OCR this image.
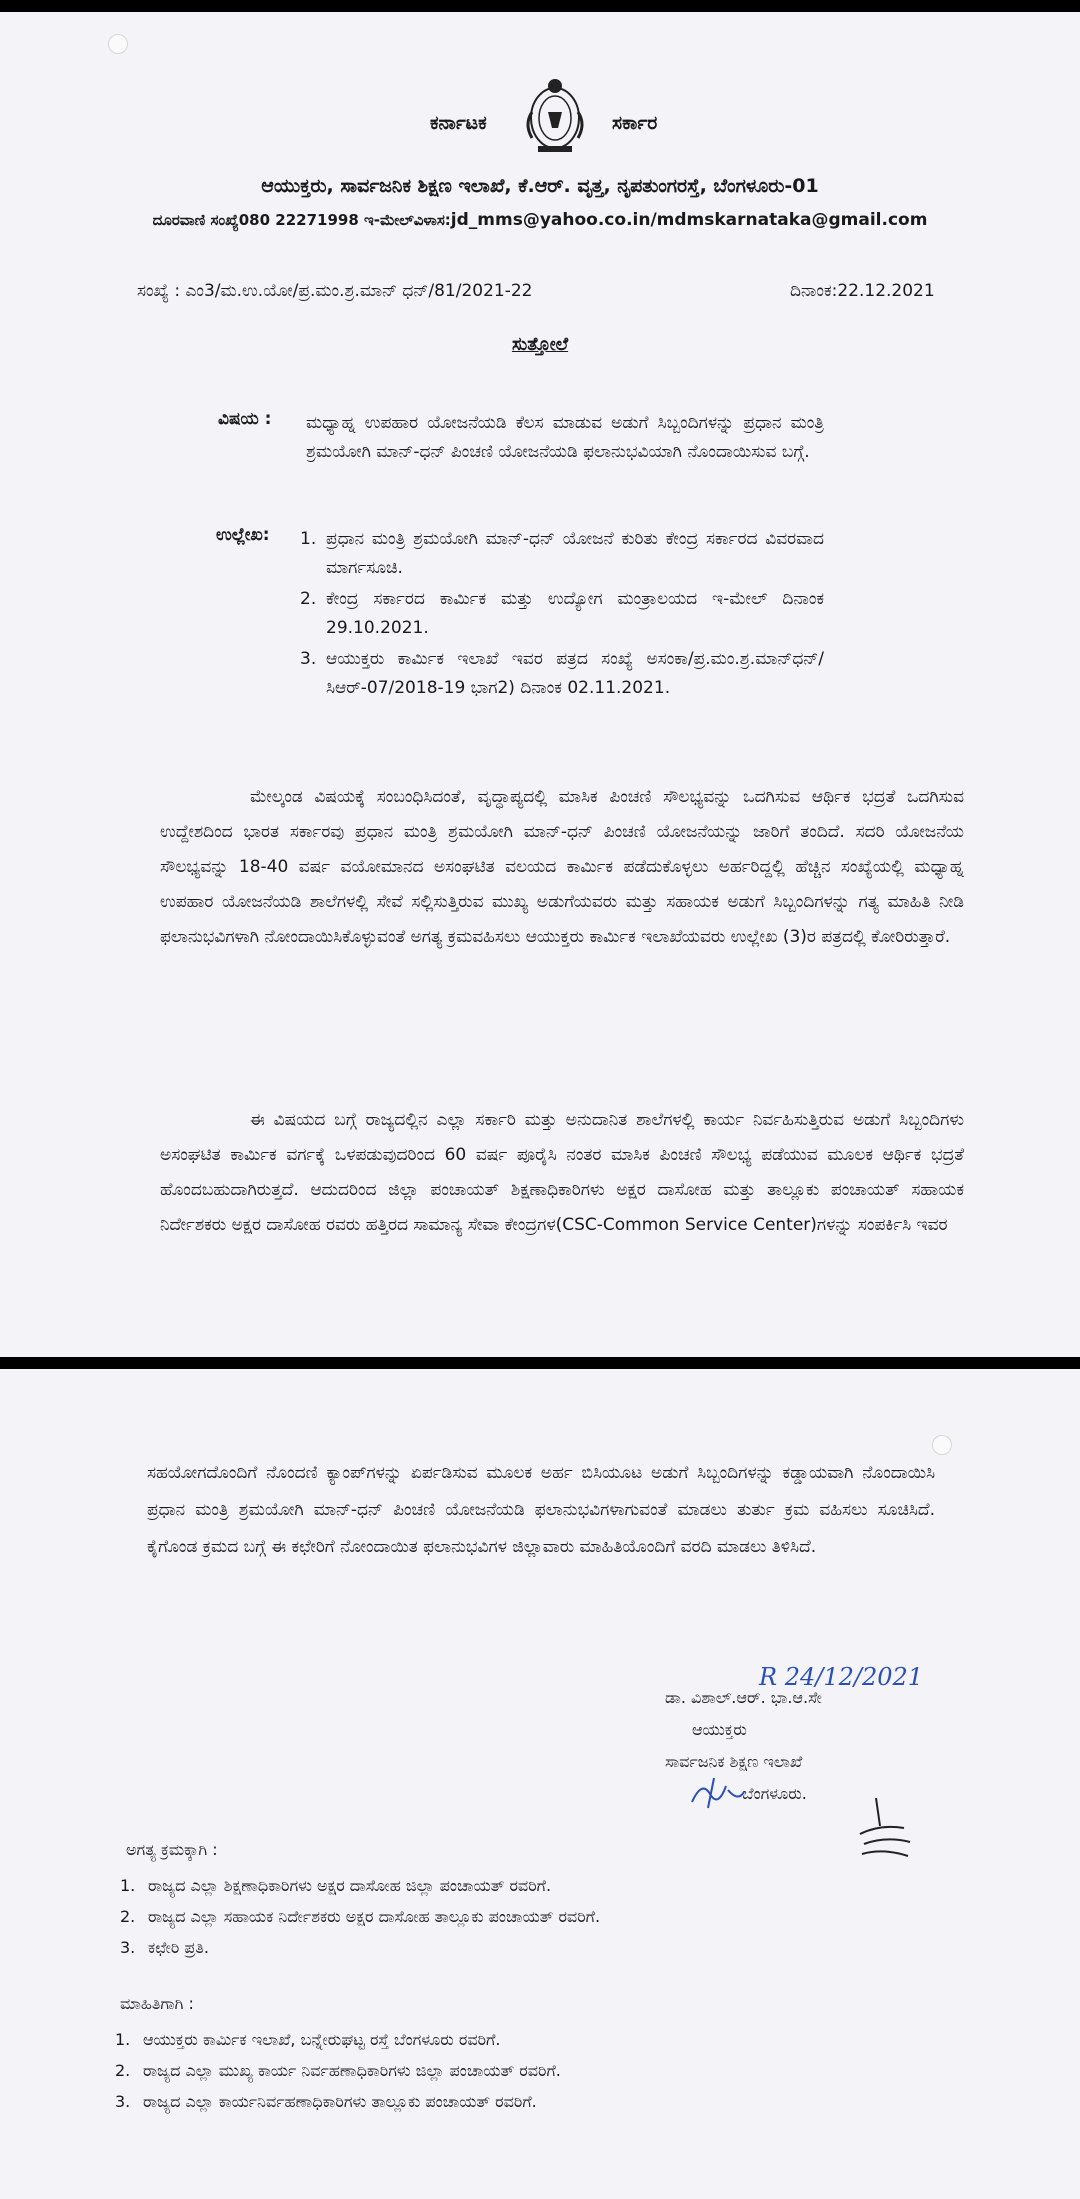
ಕರ್ನಾಟಕ	ಸರ್ಕಾರ
ಆಯುಕ್ತರು, ಸಾರ್ವಜನಿಕ ಶಿಕ್ಷಣ ಇಲಾಖೆ, ಕೆ.ಆರ್. ವೃತ್ತ, ನೃಪತುಂಗರಸ್ತೆ, ಬೆಂಗಳೂರು-01
ದೂರವಾಣಿ ಸಂಖ್ಯೆ080 22271998 ಇ-ಮೇಲ್‌ವಿಳಾಸ:jd_mms@yahoo.co.in/mdmskarnataka@gmail.com
ಸಂಖ್ಯೆ : ಎಂ3/ಮ.ಉ.ಯೋ/ಪ್ರ.ಮಂ.ಶ್ರ.ಮಾನ್ ಧನ್/81/2021-22	ದಿನಾಂಕ:22.12.2021
ಸುತ್ತೋಲೆ
ವಿಷಯ : ಮಧ್ಯಾಹ್ನ ಉಪಹಾರ ಯೋಜನೆಯಡಿ ಕೆಲಸ ಮಾಡುವ ಅಡುಗೆ ಸಿಬ್ಬಂದಿಗಳನ್ನು ಪ್ರಧಾನ ಮಂತ್ರಿ ಶ್ರಮಯೋಗಿ ಮಾನ್-ಧನ್ ಪಿಂಚಣಿ ಯೋಜನೆಯಡಿ ಫಲಾನುಭವಿಯಾಗಿ ನೊಂದಾಯಿಸುವ ಬಗ್ಗೆ.
ಉಲ್ಲೇಖ: 1. ಪ್ರಧಾನ ಮಂತ್ರಿ ಶ್ರಮಯೋಗಿ ಮಾನ್-ಧನ್ ಯೋಜನೆ ಕುರಿತು ಕೇಂದ್ರ ಸರ್ಕಾರದ ವಿವರವಾದ ಮಾರ್ಗಸೂಚಿ.
2. ಕೇಂದ್ರ ಸರ್ಕಾರದ ಕಾರ್ಮಿಕ ಮತ್ತು ಉದ್ಯೋಗ ಮಂತ್ರಾಲಯದ ಇ-ಮೇಲ್ ದಿನಾಂಕ 29.10.2021.
3. ಆಯುಕ್ತರು ಕಾರ್ಮಿಕ ಇಲಾಖೆ ಇವರ ಪತ್ರದ ಸಂಖ್ಯೆ ಅಸಂಕಾ/ಪ್ರ.ಮಂ.ಶ್ರ.ಮಾನ್‌ಧನ್/ಸಿಆರ್-07/2018-19 ಭಾಗ2) ದಿನಾಂಕ 02.11.2021.
ಮೇಲ್ಕಂಡ ವಿಷಯಕ್ಕೆ ಸಂಬಂಧಿಸಿದಂತೆ, ವೃದ್ಧಾಪ್ಯದಲ್ಲಿ ಮಾಸಿಕ ಪಿಂಚಣಿ ಸೌಲಭ್ಯವನ್ನು ಒದಗಿಸುವ ಆರ್ಥಿಕ ಭದ್ರತೆ ಒದಗಿಸುವ ಉದ್ದೇಶದಿಂದ ಭಾರತ ಸರ್ಕಾರವು ಪ್ರಧಾನ ಮಂತ್ರಿ ಶ್ರಮಯೋಗಿ ಮಾನ್-ಧನ್ ಪಿಂಚಣಿ ಯೋಜನೆಯನ್ನು ಜಾರಿಗೆ ತಂದಿದೆ. ಸದರಿ ಯೋಜನೆಯ ಸೌಲಭ್ಯವನ್ನು 18-40 ವರ್ಷ ವಯೋಮಾನದ ಅಸಂಘಟಿತ ವಲಯದ ಕಾರ್ಮಿಕ ಪಡೆದುಕೊಳ್ಳಲು ಅರ್ಹರಿದ್ದಲ್ಲಿ ಹೆಚ್ಚಿನ ಸಂಖ್ಯೆಯಲ್ಲಿ ಮಧ್ಯಾಹ್ನ ಉಪಹಾರ ಯೋಜನೆಯಡಿ ಶಾಲೆಗಳಲ್ಲಿ ಸೇವೆ ಸಲ್ಲಿಸುತ್ತಿರುವ ಮುಖ್ಯ ಅಡುಗೆಯವರು ಮತ್ತು ಸಹಾಯಕ ಅಡುಗೆ ಸಿಬ್ಬಂದಿಗಳನ್ನು ಗತ್ಯ ಮಾಹಿತಿ ನೀಡಿ ಫಲಾನುಭವಿಗಳಾಗಿ ನೋಂದಾಯಿಸಿಕೊಳ್ಳುವಂತೆ ಅಗತ್ಯ ಕ್ರಮವಹಿಸಲು ಆಯುಕ್ತರು ಕಾರ್ಮಿಕ ಇಲಾಖೆಯವರು ಉಲ್ಲೇಖ (3)ರ ಪತ್ರದಲ್ಲಿ ಕೋರಿರುತ್ತಾರೆ.
ಈ ವಿಷಯದ ಬಗ್ಗೆ ರಾಜ್ಯದಲ್ಲಿನ ಎಲ್ಲಾ ಸರ್ಕಾರಿ ಮತ್ತು ಅನುದಾನಿತ ಶಾಲೆಗಳಲ್ಲಿ ಕಾರ್ಯ ನಿರ್ವಹಿಸುತ್ತಿರುವ ಅಡುಗೆ ಸಿಬ್ಬಂದಿಗಳು ಅಸಂಘಟಿತ ಕಾರ್ಮಿಕ ವರ್ಗಕ್ಕೆ ಒಳಪಡುವುದರಿಂದ 60 ವರ್ಷ ಪೂರೈಸಿ ನಂತರ ಮಾಸಿಕ ಪಿಂಚಣಿ ಸೌಲಭ್ಯ ಪಡೆಯುವ ಮೂಲಕ ಆರ್ಥಿಕ ಭದ್ರತೆ ಹೊಂದಬಹುದಾಗಿರುತ್ತದೆ. ಆದುದರಿಂದ ಜಿಲ್ಲಾ ಪಂಚಾಯತ್ ಶಿಕ್ಷಣಾಧಿಕಾರಿಗಳು ಅಕ್ಷರ ದಾಸೋಹ ಮತ್ತು ತಾಲ್ಲೂಕು ಪಂಚಾಯತ್ ಸಹಾಯಕ ನಿರ್ದೇಶಕರು ಅಕ್ಷರ ದಾಸೋಹ ರವರು ಹತ್ತಿರದ ಸಾಮಾನ್ಯ ಸೇವಾ ಕೇಂದ್ರಗಳ(CSC-Common Service Center)ಗಳನ್ನು ಸಂಪರ್ಕಿಸಿ ಇವರ
ಸಹಯೋಗದೊಂದಿಗೆ ನೊಂದಣಿ ಕ್ಯಾಂಪ್‌ಗಳನ್ನು ಏರ್ಪಡಿಸುವ ಮೂಲಕ ಅರ್ಹ ಬಿಸಿಯೂಟ ಅಡುಗೆ ಸಿಬ್ಬಂದಿಗಳನ್ನು ಕಡ್ಡಾಯವಾಗಿ ನೊಂದಾಯಿಸಿ ಪ್ರಧಾನ ಮಂತ್ರಿ ಶ್ರಮಯೋಗಿ ಮಾನ್-ಧನ್ ಪಿಂಚಣಿ ಯೋಜನೆಯಡಿ ಫಲಾನುಭವಿಗಳಾಗುವಂತೆ ಮಾಡಲು ತುರ್ತು ಕ್ರಮ ವಹಿಸಲು ಸೂಚಿಸಿದೆ. ಕೈಗೊಂಡ ಕ್ರಮದ ಬಗ್ಗೆ ಈ ಕಛೇರಿಗೆ ನೋಂದಾಯಿತ ಫಲಾನುಭವಿಗಳ ಜಿಲ್ಲಾವಾರು ಮಾಹಿತಿಯೊಂದಿಗೆ ವರದಿ ಮಾಡಲು ತಿಳಿಸಿದೆ.
R 24/12/2021
ಡಾ. ವಿಶಾಲ್.ಆರ್. ಭಾ.ಆ.ಸೇ
ಆಯುಕ್ತರು
ಸಾರ್ವಜನಿಕ ಶಿಕ್ಷಣ ಇಲಾಖೆ
ಬೆಂಗಳೂರು.
ಅಗತ್ಯ ಕ್ರಮಕ್ಕಾಗಿ :
1. ರಾಜ್ಯದ ಎಲ್ಲಾ ಶಿಕ್ಷಣಾಧಿಕಾರಿಗಳು ಅಕ್ಷರ ದಾಸೋಹ ಜಿಲ್ಲಾ ಪಂಚಾಯತ್ ರವರಿಗೆ.
2. ರಾಜ್ಯದ ಎಲ್ಲಾ ಸಹಾಯಕ ನಿರ್ದೇಶಕರು ಅಕ್ಷರ ದಾಸೋಹ ತಾಲ್ಲೂಕು ಪಂಚಾಯತ್ ರವರಿಗೆ.
3. ಕಛೇರಿ ಪ್ರತಿ.
ಮಾಹಿತಿಗಾಗಿ :
1. ಆಯುಕ್ತರು ಕಾರ್ಮಿಕ ಇಲಾಖೆ, ಬನ್ನೇರುಘಟ್ಟ ರಸ್ತೆ ಬೆಂಗಳೂರು ರವರಿಗೆ.
2. ರಾಜ್ಯದ ಎಲ್ಲಾ ಮುಖ್ಯ ಕಾರ್ಯ ನಿರ್ವಹಣಾಧಿಕಾರಿಗಳು ಜಿಲ್ಲಾ ಪಂಚಾಯತ್ ರವರಿಗೆ.
3. ರಾಜ್ಯದ ಎಲ್ಲಾ ಕಾರ್ಯನಿರ್ವಹಣಾಧಿಕಾರಿಗಳು ತಾಲ್ಲೂಕು ಪಂಚಾಯತ್ ರವರಿಗೆ.
